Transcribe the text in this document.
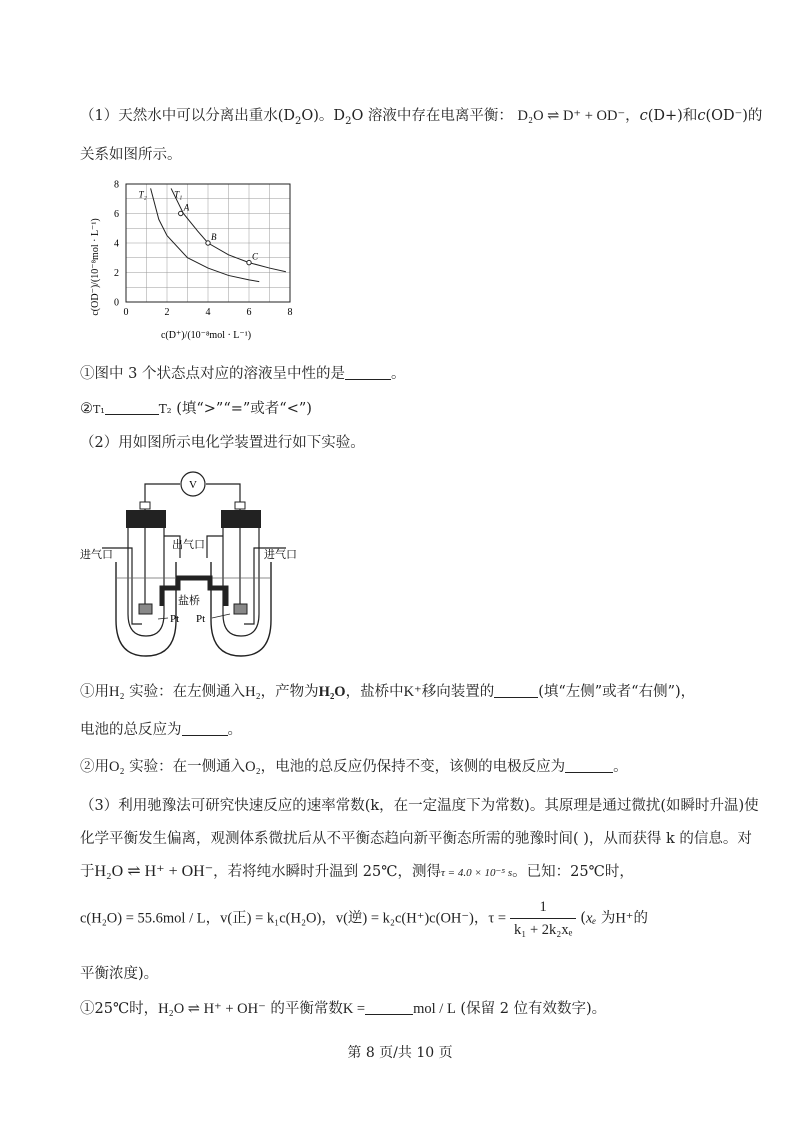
（1）天然水中可以分离出重水$(D_2O)$。$D_2O$ 溶液中存在电离平衡： D₂O ⇌ D⁺ + OD⁻，c(D+)和c(OD⁻)的
关系如图所示。
0	2	4	6	8
0
2
4
6
8
T₁
T₂
A
B
C
c(OD⁻)/(10⁻⁸mol · L⁻¹)
c(D⁺)/(10⁻⁸mol · L⁻¹)
①图中 3 个状态点对应的溶液呈中性的是	。
②T₁	T₂ (填“>”“=”或者“<”)
（2）用如图所示电化学装置进行如下实验。
V
进气口
出气口
进气口
盐桥
Pt Pt
①用H₂ 实验：在左侧通入H₂，产物为H₂O，盐桥中K⁺移向装置的	(填“左侧”或者“右侧”)，
电池的总反应为	。
②用O₂ 实验：在一侧通入O₂，电池的总反应仍保持不变，该侧的电极反应为	。
（3）利用驰豫法可研究快速反应的速率常数(k，在一定温度下为常数)。其原理是通过微扰(如瞬时升温)使
化学平衡发生偏离，观测体系微扰后从不平衡态趋向新平衡态所需的驰豫时间( )，从而获得 k 的信息。对
于H₂O ⇌ H⁺ + OH⁻，若将纯水瞬时升温到 25℃，测得τ = 4.0 × 10⁻⁵ s。已知：25℃时，
c(H₂O) = 55.6mol / L，v(正) = k₁c(H₂O)，v(逆) = k₂c(H⁺)c(OH⁻)，$\tau = \frac{1}{\text{k₁ + 2k₂xₑ}} (x_e$ 为H⁺的
平衡浓度)。
①25℃时，H₂O ⇌ H⁺ + OH⁻ 的平衡常数K =	mol / L (保留 2 位有效数字)。
第 8 页/共 10 页
